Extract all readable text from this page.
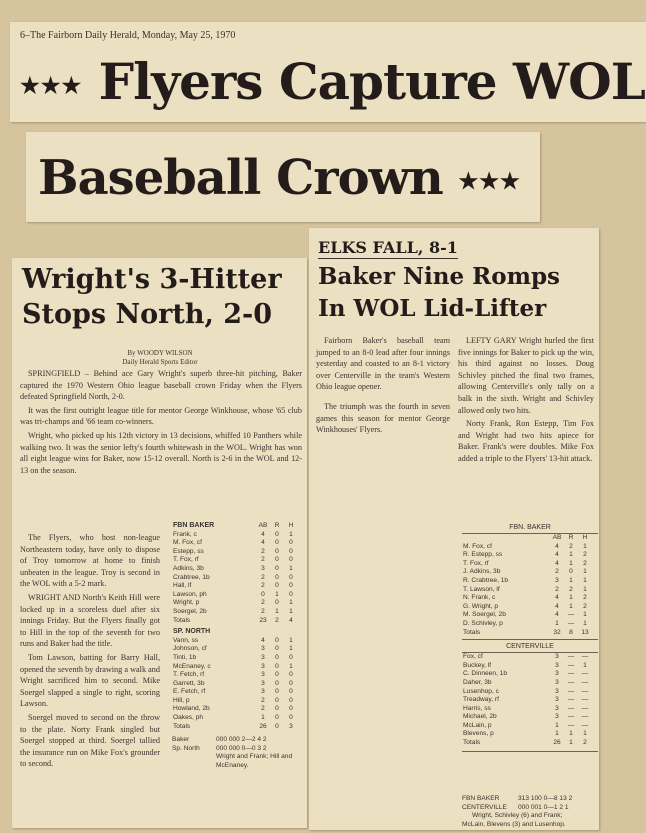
6–The Fairborn Daily Herald, Monday, May 25, 1970
★★★ Flyers Capture WOL
Baseball Crown ★★★
Wright's 3-Hitter
Stops North, 2-0
By WOODY WILSON
Daily Herald Sports Editor

SPRINGFIELD – Behind ace Gary Wright's superb three-hit pitching, Baker captured the 1970 Western Ohio league baseball crown Friday when the Flyers defeated Springfield North, 2-0.

It was the first outright league title for mentor George Winkhouse, whose '65 club was tri-champs and '66 team co-winners.

Wright, who picked up his 12th victory in 13 decisions, whiffed 10 Panthers while walking two. It was the senior lefty's fourth whitewash in the WOL. Wright has won all eight league wins for Baker, now 15-12 overall. North is 2-6 in the WOL and 12-13 on the season.

The Flyers, who host non-league Northeastern today, have only to dispose of Troy tomorrow at home to finish unbeaten in the league. Troy is second in the WOL with a 5-2 mark.

WRIGHT AND North's Keith Hill were locked up in a scoreless duel after six innings Friday. But the Flyers finally got to Hill in the top of the seventh for two runs and Baker had the title.

Tom Lawson, batting for Barry Hall, opened the seventh by drawing a walk and Wright sacrificed him to second. Mike Soergel slapped a single to right, scoring Lawson.

Soergel moved to second on the throw to the plate. Norty Frank singled but Soergel stopped at third. Soergel tallied the insurance run on Mike Fox's grounder to second.

FBN BAKER	AB	R	H
Frank, c	4	0	1
M. Fox, cf	4	0	0
Estepp, ss	2	0	0
T. Fox, rf	2	0	0
Adkins, 3b	3	0	1
Crabtree, 1b	2	0	0
Hall, lf	2	0	0
Lawson, ph	0	1	0
Wright, p	2	0	1
Soergel, 2b	2	1	1
Totals	23	2	4
SP. NORTH			
Vann, ss	4	0	1
Johnson, cf	3	0	1
Tinti, 1b	3	0	0
McEnaney, c	3	0	1
T. Fetch, rf	3	0	0
Garrett, 3b	3	0	0
E. Fetch, rf	3	0	0
Hill, p	2	0	0
Howland, 2b	2	0	0
Oakes, ph	1	0	0
Totals	26	0	3
Baker	000 000 2—2 4 2
Sp. North 000 000 0—0 3 2
Wright and Frank; Hill and McEnaney.
ELKS FALL, 8-1
Baker Nine Romps
In WOL Lid-Lifter

Fairborn Baker's baseball team jumped to an 8-0 lead after four innings yesterday and coasted to an 8-1 victory over Centerville in the team's Western Ohio league opener.

The triumph was the fourth in seven games this season for mentor George Winkhouses' Flyers.

LEFTY GARY Wright hurled the first five innings for Baker to pick up the win, his third against no losses. Doug Schivley pitched the final two frames, allowing Centerville's only tally on a balk in the sixth. Wright and Schivley allowed only two hits.

Norty Frank, Ron Estepp, Tim Fox and Wright had two hits apiece for Baker. Frank's were doubles. Mike Fox added a triple to the Flyers' 13-hit attack.

FBN. BAKER
	AB	R	H
M. Fox, cf	4	2	1
R. Estepp, ss	4	1	2
T. Fox, rf	4	1	2
J. Adkins, 3b	2	0	1
R. Crabtree, 1b	3	1	1
T. Lawson, lf	2	2	1
N. Frank, c	4	1	2
G. Wright, p	4	1	2
M. Soergel, 2b	4	—	1
D. Schivley, p	1	—	1
Totals	32	8	13
CENTERVILLE
Fox, cf	3	—	—
Buckey, lf	3	—	1
C. Dinneen, 1b	3	—	—
Daher, 3b	3	—	—
Lusenhop, c	3	—	—
Treadway, rf	3	—	—
Harris, ss	3	—	—
Michael, 2b	3	—	—
McLain, p	1	—	—
Blevens, p	1	1	1
Totals	26	1	2
FBN BAKER	313 100 0—8 13 2
CENTERVILLE 000 001 0—1 2 1
Wright, Schivley (6) and Frank;
McLain, Blevens (3) and Lusenhop.
